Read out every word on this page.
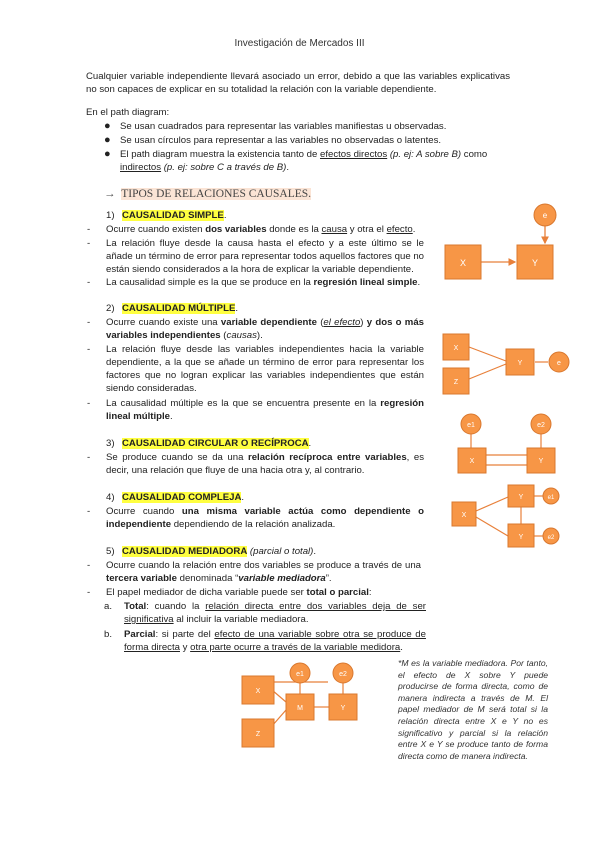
Investigación de Mercados III
Cualquier variable independiente llevará asociado un error, debido a que las variables explicativas no son capaces de explicar en su totalidad la relación con la variable dependiente.
En el path diagram:
● Se usan cuadrados para representar las variables manifiestas u observadas.
● Se usan círculos para representar a las variables no observadas o latentes.
● El path diagram muestra la existencia tanto de efectos directos (p. ej: A sobre B) como indirectos (p. ej: sobre C a través de B).
→ TIPOS DE RELACIONES CAUSALES.
1) CAUSALIDAD SIMPLE.
- Ocurre cuando existen dos variables donde es la causa y otra el efecto.
- La relación fluye desde la causa hasta el efecto y a este último se le añade un término de error para representar todos aquellos factores que no están siendo considerados a la hora de explicar la variable dependiente.
- La causalidad simple es la que se produce en la regresión lineal simple.
2) CAUSALIDAD MÚLTIPLE.
- Ocurre cuando existe una variable dependiente (el efecto) y dos o más variables independientes (causas).
- La relación fluye desde las variables independientes hacia la variable dependiente, a la que se añade un término de error para representar los factores que no logran explicar las variables independientes que están siendo consideradas.
- La causalidad múltiple es la que se encuentra presente en la regresión lineal múltiple.
3) CAUSALIDAD CIRCULAR O RECÍPROCA.
- Se produce cuando se da una relación recíproca entre variables, es decir, una relación que fluye de una hacia otra y, al contrario.
4) CAUSALIDAD COMPLEJA.
- Ocurre cuando una misma variable actúa como dependiente o independiente dependiendo de la relación analizada.
5) CAUSALIDAD MEDIADORA (parcial o total).
- Ocurre cuando la relación entre dos variables se produce a través de una tercera variable denominada “variable mediadora”.
- El papel mediador de dicha variable puede ser total o parcial:
a. Total: cuando la relación directa entre dos variables deja de ser significativa al incluir la variable mediadora.
b. Parcial: si parte del efecto de una variable sobre otra se produce de forma directa y otra parte ocurre a través de la variable medidora.
*M es la variable mediadora. Por tanto, el efecto de X sobre Y puede producirse de forma directa, como de manera indirecta a través de M. El papel mediador de M será total si la relación directa entre X e Y no es significativo y parcial si la relación entre X e Y se produce tanto de forma directa como de manera indirecta.
X	Y
e
X
Z
Y	e
e1	e2
X	Y
X
Y
Y
e1
e2
X
Z
M	Y
e1	e2
